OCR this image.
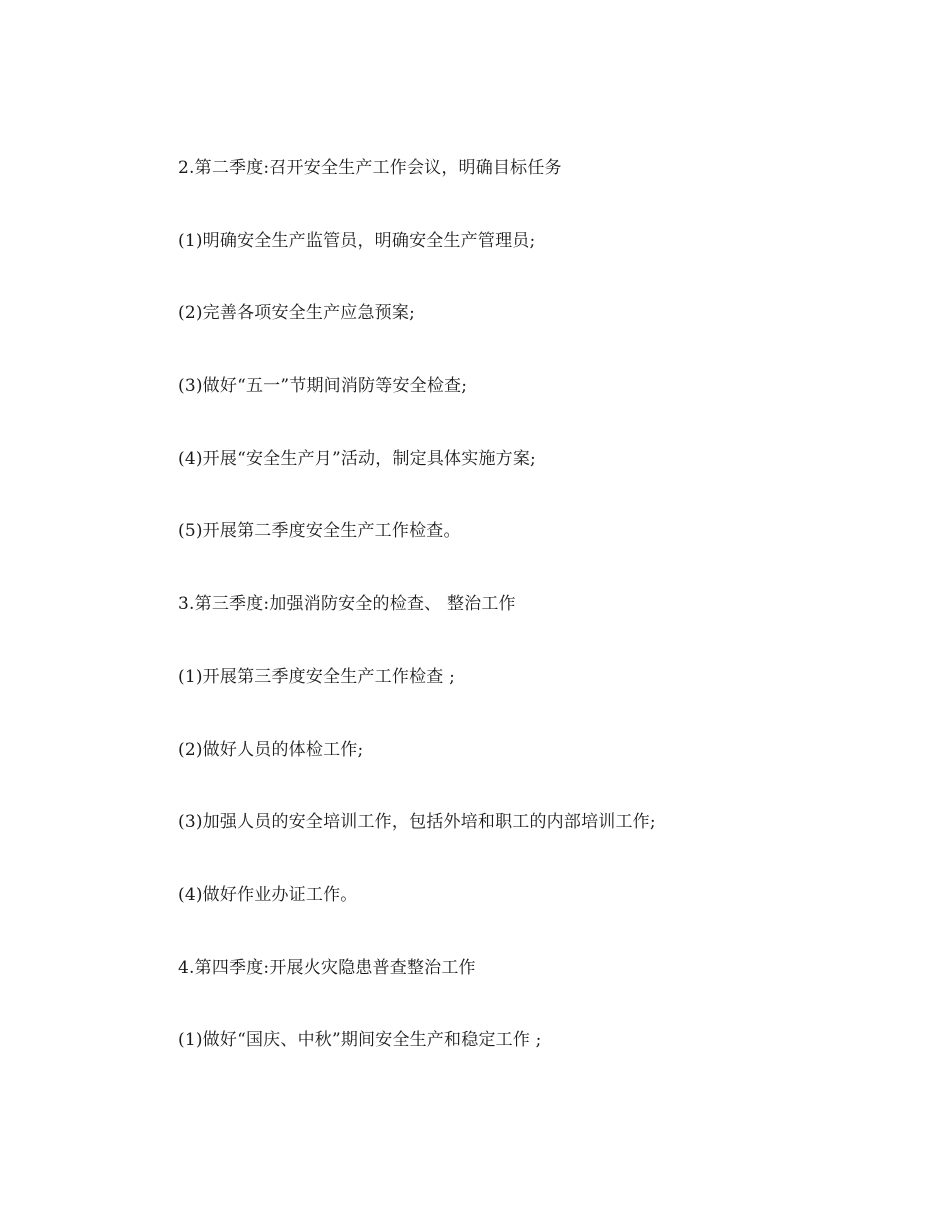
2.第二季度:召开安全生产工作会议，明确目标任务

(1)明确安全生产监管员，明确安全生产管理员;

(2)完善各项安全生产应急预案;

(3)做好“五一”节期间消防等安全检查;

(4)开展“安全生产月”活动，制定具体实施方案;

(5)开展第二季度安全生产工作检查。

3.第三季度:加强消防安全的检查、 整治工作

(1)开展第三季度安全生产工作检查 ;

(2)做好人员的体检工作;

(3)加强人员的安全培训工作，包括外培和职工的内部培训工作;

(4)做好作业办证工作。

4.第四季度:开展火灾隐患普查整治工作

(1)做好“国庆、中秋”期间安全生产和稳定工作 ;
